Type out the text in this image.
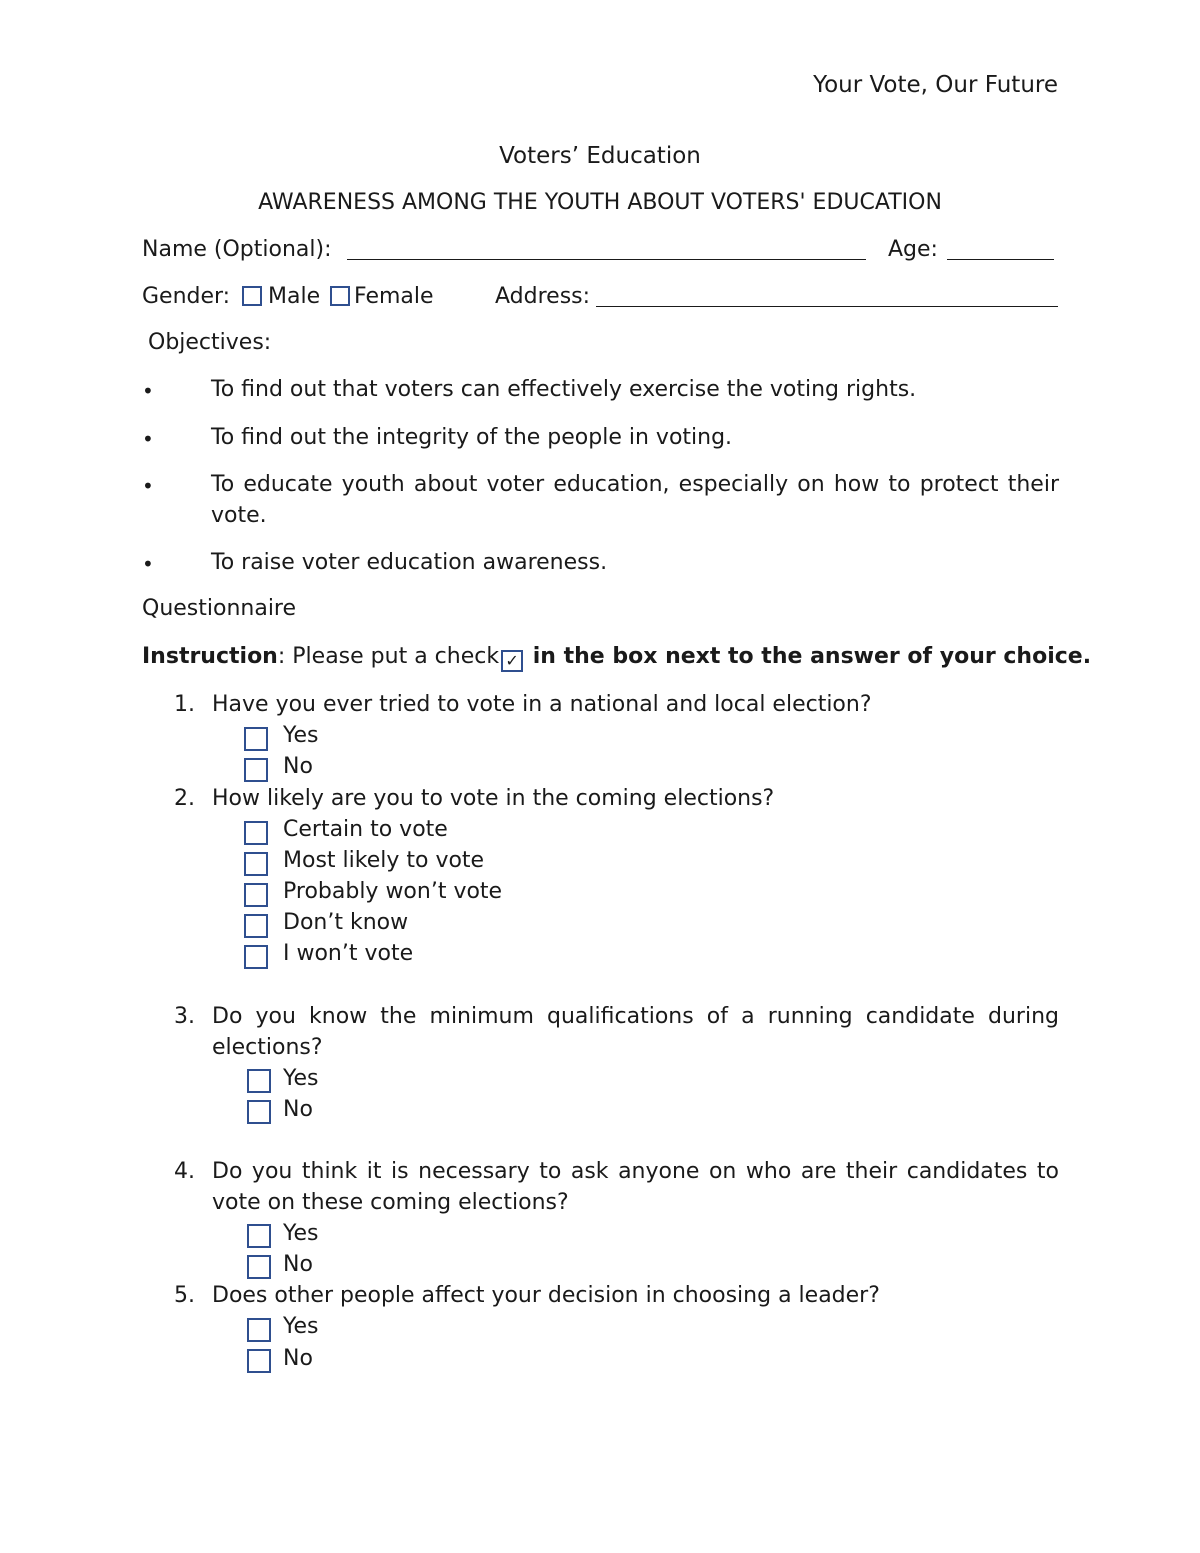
Your Vote, Our Future
Voters’ Education
AWARENESS AMONG THE YOUTH ABOUT VOTERS' EDUCATION
Name (Optional):	Age:
Gender: Male Female	Address:
Objectives:
•	To find out that voters can effectively exercise the voting rights.
•	To find out the integrity of the people in voting.
•	To educate youth about voter education, especially on how to protect their vote.
•	To raise voter education awareness.
Questionnaire
Instruction: Please put a check ✓ in the box next to the answer of your choice.
1. Have you ever tried to vote in a national and local election?
Yes
No
2. How likely are you to vote in the coming elections?
Certain to vote
Most likely to vote
Probably won’t vote
Don’t know
I won’t vote
3. Do you know the minimum qualifications of a running candidate during elections?
Yes
No
4. Do you think it is necessary to ask anyone on who are their candidates to vote on these coming elections?
Yes
No
5. Does other people affect your decision in choosing a leader?
Yes
No
